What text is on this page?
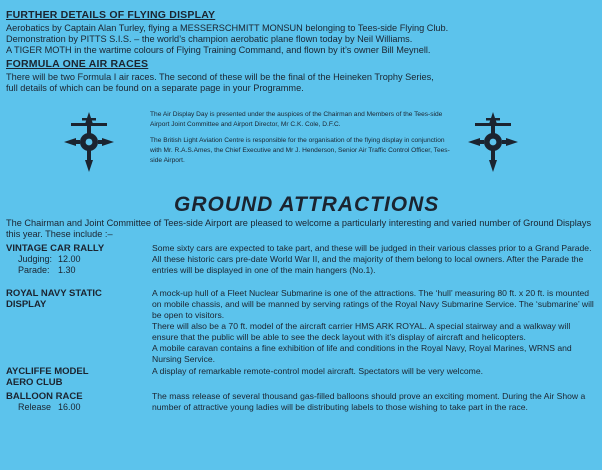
FURTHER DETAILS OF FLYING DISPLAY
Aerobatics by Captain Alan Turley, flying a MESSERSCHMITT MONSUN belonging to Tees-side Flying Club.
Demonstration by PITTS S.I.S. – the world’s champion aerobatic plane flown today by Neil Williams.
A TIGER MOTH in the wartime colours of Flying Training Command, and flown by it’s owner Bill Meynell.
FORMULA ONE AIR RACES
There will be two Formula I air races. The second of these will be the final of the Heineken Trophy Series,
full details of which can be found on a separate page in your Programme.

The Air Display Day is presented under the auspices of the Chairman and Members of the Tees-side Airport Joint Committee and Airport Director, Mr C.K. Cole, D.F.C.

The British Light Aviation Centre is responsible for the organisation of the flying display in conjunction with Mr. R.A.S.Ames, the Chief Executive and Mr J. Henderson, Senior Air Traffic Control Officer, Tees-side Airport.

GROUND ATTRACTIONS
The Chairman and Joint Committee of Tees-side Airport are pleased to welcome a particularly interesting and varied number of Ground Displays this year. These include :–
VINTAGE CAR RALLY
Judging: 12.00
Parade: 1.30

Some sixty cars are expected to take part, and these will be judged in their various classes prior to a Grand Parade. All these historic cars pre-date World War II, and the majority of them belong to local owners. After the Parade the entries will be displayed in one of the main hangers (No.1).

ROYAL NAVY STATIC
DISPLAY

A mock-up hull of a Fleet Nuclear Submarine is one of the attractions. The ‘hull’ measuring 80 ft. x 20 ft. is mounted on mobile chassis, and will be manned by serving ratings of the Royal Navy Submarine Service. The ‘submarine’ will be open to visitors.

There will also be a 70 ft. model of the aircraft carrier HMS ARK ROYAL. A special stairway and a walkway will ensure that the public will be able to see the deck layout with it’s display of aircraft and helicopters.

A mobile caravan contains a fine exhibition of life and conditions in the Royal Navy, Royal Marines, WRNS and Nursing Service.

AYCLIFFE MODEL
AERO CLUB

A display of remarkable remote-control model aircraft. Spectators will be very welcome.

BALLOON RACE
Release 16.00

The mass release of several thousand gas-filled balloons should prove an exciting moment. During the Air Show a number of attractive young ladies will be distributing labels to those wishing to take part in the race.
